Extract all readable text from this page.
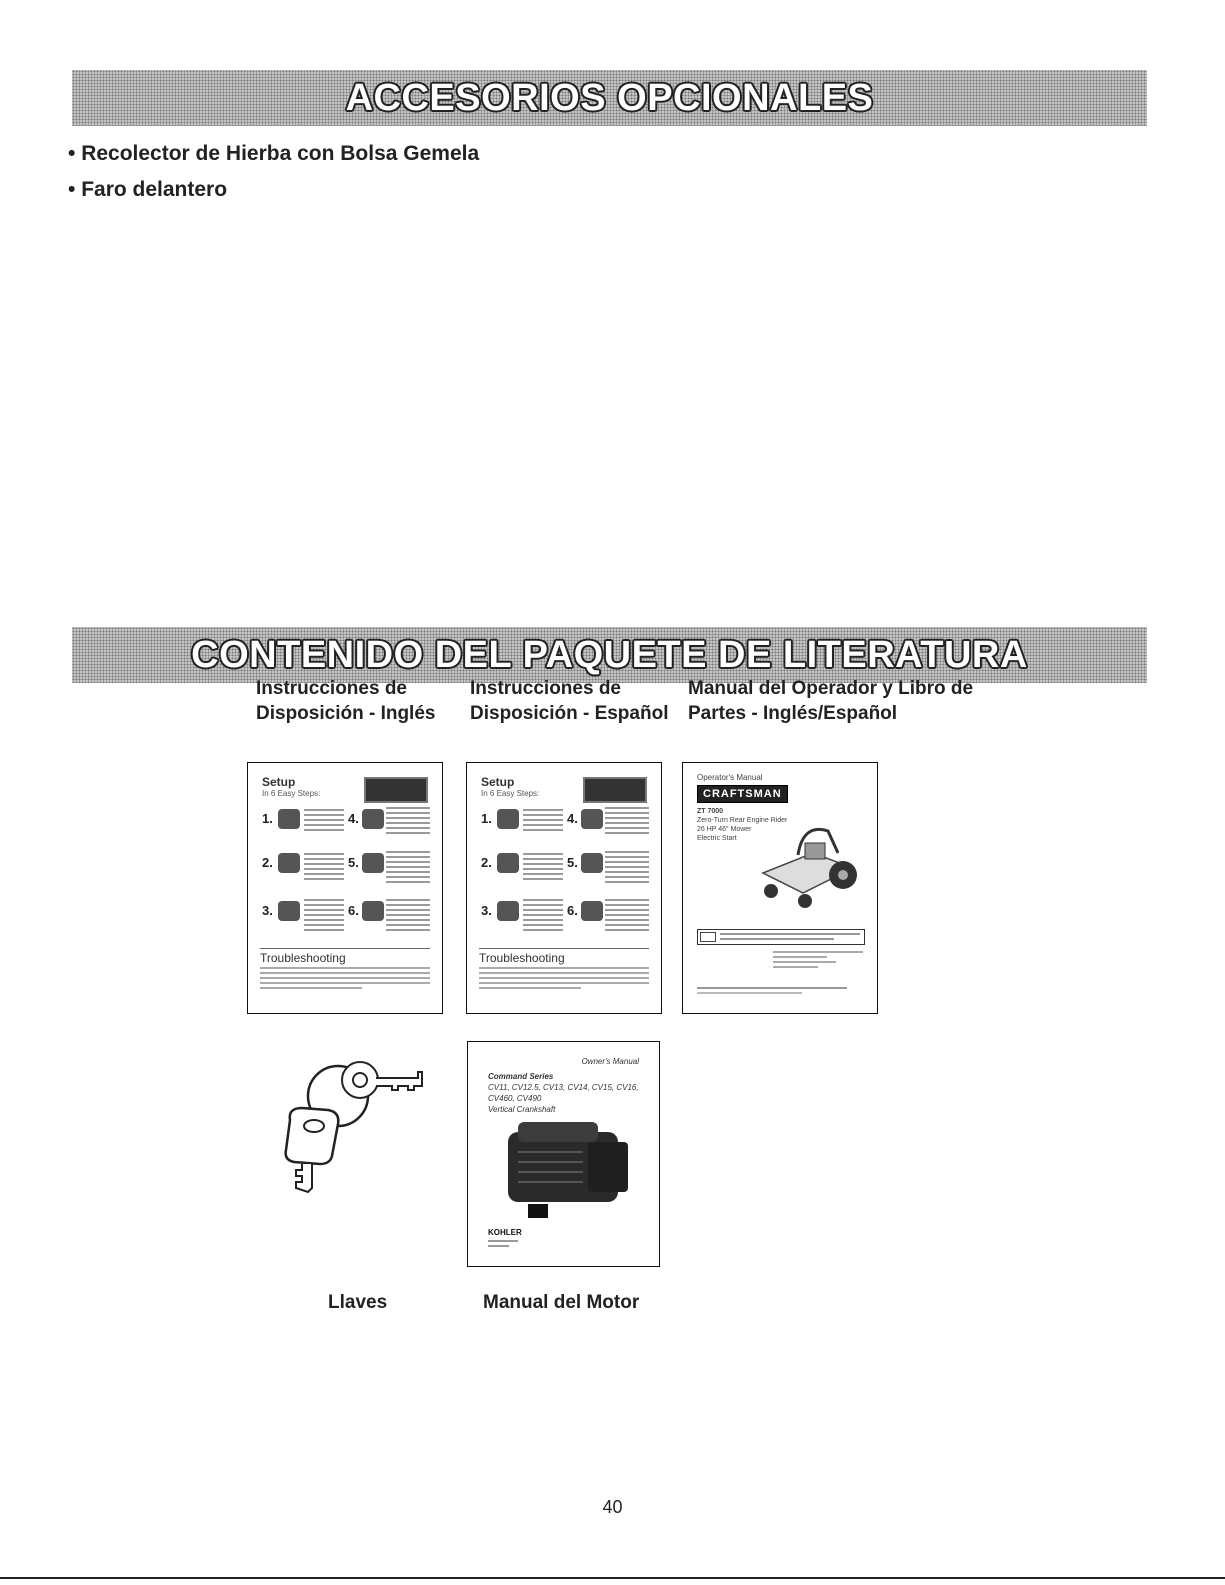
ACCESORIOS OPCIONALES
• Recolector de Hierba con Bolsa Gemela
• Faro delantero
CONTENIDO DEL PAQUETE DE LITERATURA
Instrucciones de
Disposición - Inglés
Instrucciones de
Disposición - Español
Manual del Operador y Libro de
Partes - Inglés/Español
Setup
In 6 Easy Steps:
1.	4.
2.	5.
3.	6.
Troubleshooting
Setup
In 6 Easy Steps:
1.	4.
2.	5.
3.	6.
Troubleshooting
Operator's Manual
CRAFTSMAN
ZT 7000
Zero-Turn Rear Engine Rider
26 HP 46" Mower
Electric Start
Owner's Manual
Command Series
CV11, CV12.5, CV13, CV14, CV15, CV16,
CV460, CV490
Vertical Crankshaft
KOHLER
Llaves	Manual del Motor
40
